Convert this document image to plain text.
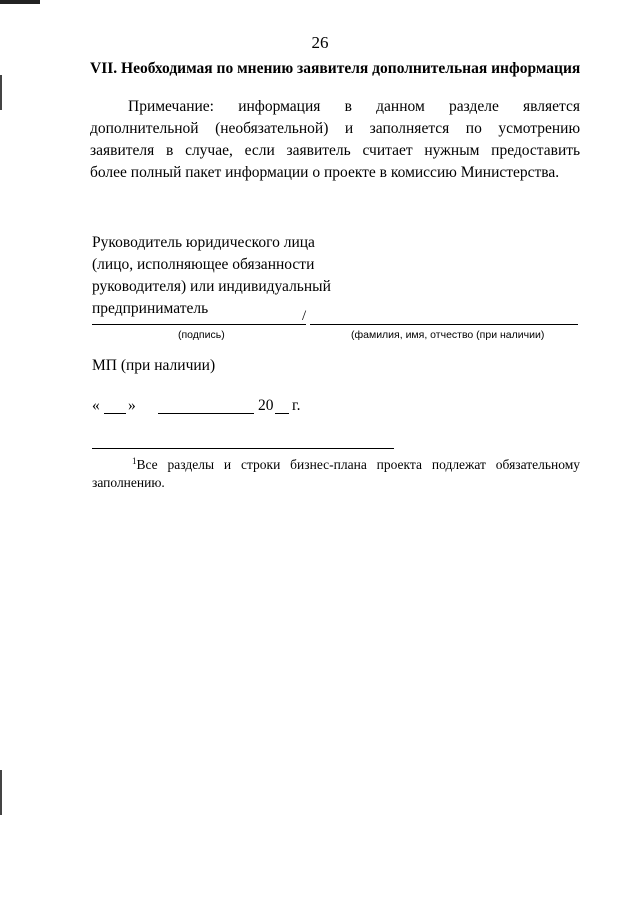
26
VII. Необходимая по мнению заявителя дополнительная информация
Примечание: информация в данном разделе является
дополнительной (необязательной) и заполняется по усмотрению
заявителя в случае, если заявитель считает нужным предоставить
более полный пакет информации о проекте в комиссию Министерства.
Руководитель юридического лица
(лицо, исполняющее обязанности
руководителя) или индивидуальный
предприниматель	/
(подпись)	(фамилия, имя, отчество (при наличии)
МП (при наличии)
« »	20 г.
$^1$Все разделы и строки бизнес-плана проекта подлежат обязательному
заполнению.
